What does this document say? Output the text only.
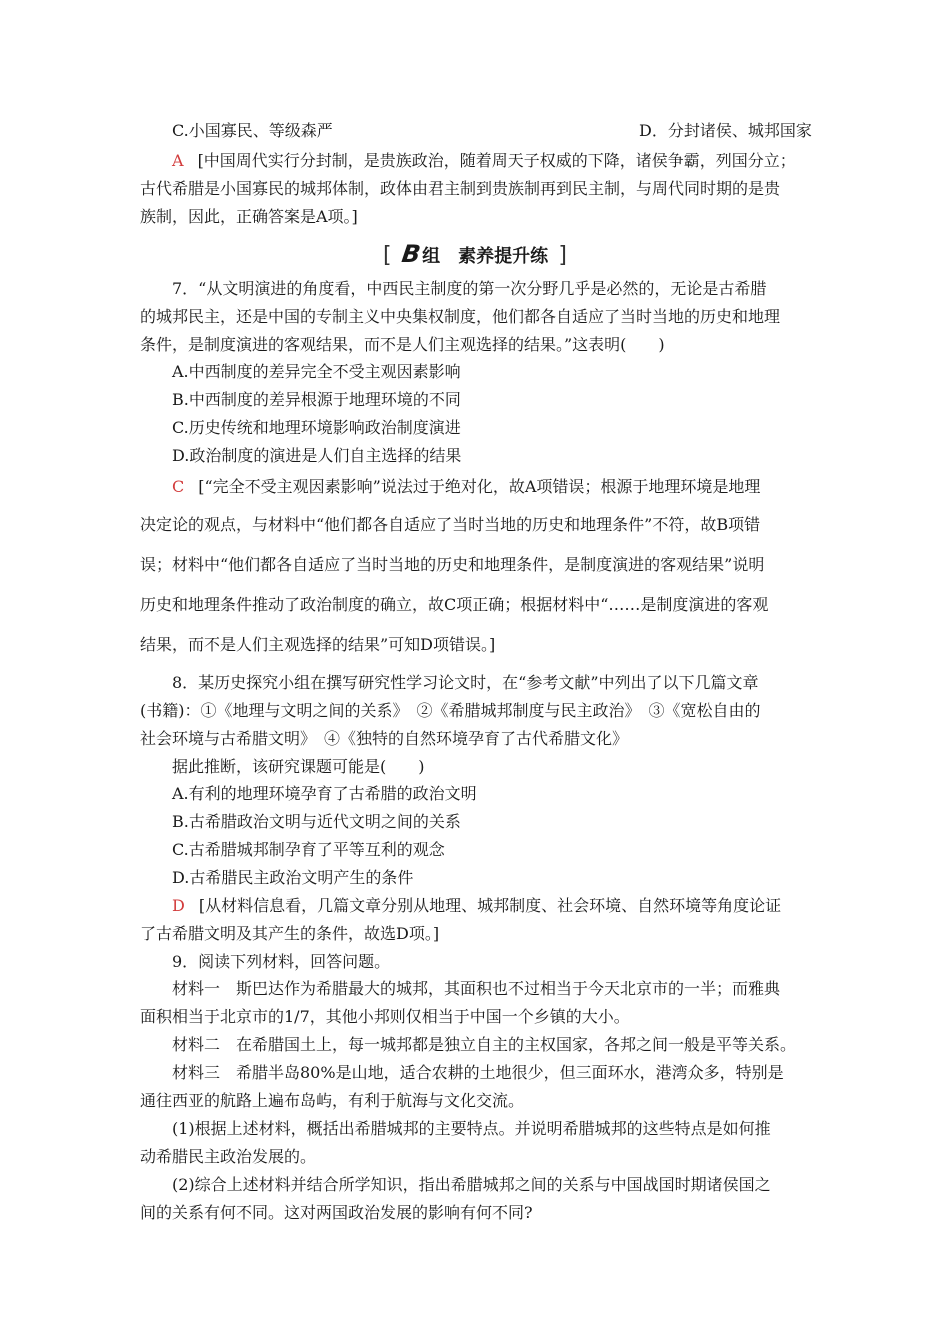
C.小国寡民、等级森严	D．分封诸侯、城邦国家
A [中国周代实行分封制，是贵族政治，随着周天子权威的下降，诸侯争霸，列国分立；
古代希腊是小国寡民的城邦体制，政体由君主制到贵族制再到民主制，与周代同时期的是贵
族制，因此，正确答案是A项。]
[ B组 素养提升练 ]
7．“从文明演进的角度看，中西民主制度的第一次分野几乎是必然的，无论是古希腊
的城邦民主，还是中国的专制主义中央集权制度，他们都各自适应了当时当地的历史和地理
条件，是制度演进的客观结果，而不是人们主观选择的结果。”这表明(　　)
A.中西制度的差异完全不受主观因素影响
B.中西制度的差异根源于地理环境的不同
C.历史传统和地理环境影响政治制度演进
D.政治制度的演进是人们自主选择的结果
C [“完全不受主观因素影响”说法过于绝对化，故A项错误；根源于地理环境是地理
决定论的观点，与材料中“他们都各自适应了当时当地的历史和地理条件”不符，故B项错
误；材料中“他们都各自适应了当时当地的历史和地理条件，是制度演进的客观结果”说明
历史和地理条件推动了政治制度的确立，故C项正确；根据材料中“……是制度演进的客观
结果，而不是人们主观选择的结果”可知D项错误。]
8．某历史探究小组在撰写研究性学习论文时，在“参考文献”中列出了以下几篇文章
(书籍)：①《地理与文明之间的关系》　②《希腊城邦制度与民主政治》　③《宽松自由的
社会环境与古希腊文明》　④《独特的自然环境孕育了古代希腊文化》
据此推断，该研究课题可能是(　　)
A.有利的地理环境孕育了古希腊的政治文明
B.古希腊政治文明与近代文明之间的关系
C.古希腊城邦制孕育了平等互利的观念
D.古希腊民主政治文明产生的条件
D [从材料信息看，几篇文章分别从地理、城邦制度、社会环境、自然环境等角度论证
了古希腊文明及其产生的条件，故选D项。]
9．阅读下列材料，回答问题。
材料一　斯巴达作为希腊最大的城邦，其面积也不过相当于今天北京市的一半；而雅典
面积相当于北京市的1/7，其他小邦则仅相当于中国一个乡镇的大小。
材料二　在希腊国土上，每一城邦都是独立自主的主权国家，各邦之间一般是平等关系。
材料三　希腊半岛80%是山地，适合农耕的土地很少，但三面环水，港湾众多，特别是
通往西亚的航路上遍布岛屿，有利于航海与文化交流。
(1)根据上述材料，概括出希腊城邦的主要特点。并说明希腊城邦的这些特点是如何推
动希腊民主政治发展的。
(2)综合上述材料并结合所学知识，指出希腊城邦之间的关系与中国战国时期诸侯国之
间的关系有何不同。这对两国政治发展的影响有何不同?
